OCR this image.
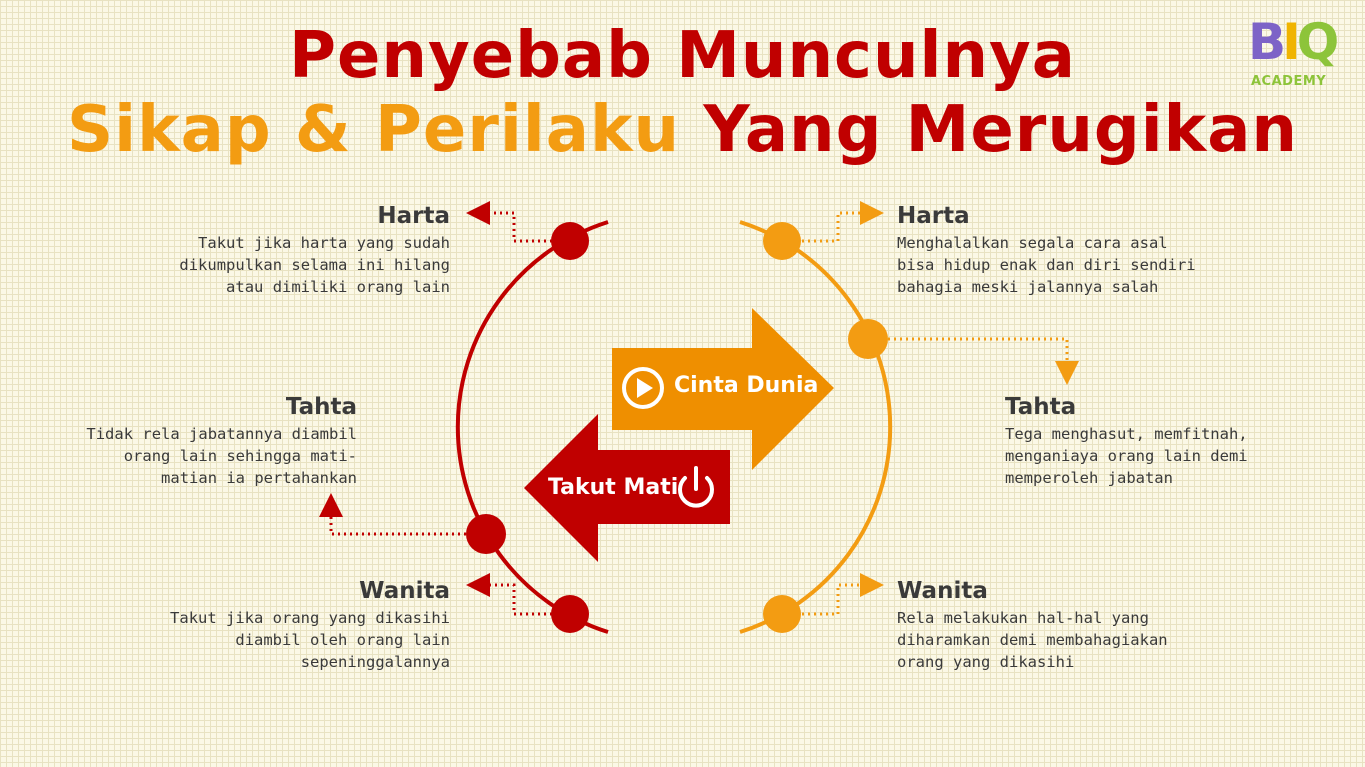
Penyebab Munculnya
Sikap & Perilaku Yang Merugikan
BIQ
ACADEMY
Cinta Dunia
Takut Mati
Harta
Takut jika harta yang sudah
dikumpulkan selama ini hilang
atau dimiliki orang lain
Tahta
Tidak rela jabatannya diambil
orang lain sehingga mati-
matian ia pertahankan
Wanita
Takut jika orang yang dikasihi
diambil oleh orang lain
sepeninggalannya
Harta
Menghalalkan segala cara asal
bisa hidup enak dan diri sendiri
bahagia meski jalannya salah
Tahta
Tega menghasut, memfitnah,
menganiaya orang lain demi
memperoleh jabatan
Wanita
Rela melakukan hal-hal yang
diharamkan demi membahagiakan
orang yang dikasihi
